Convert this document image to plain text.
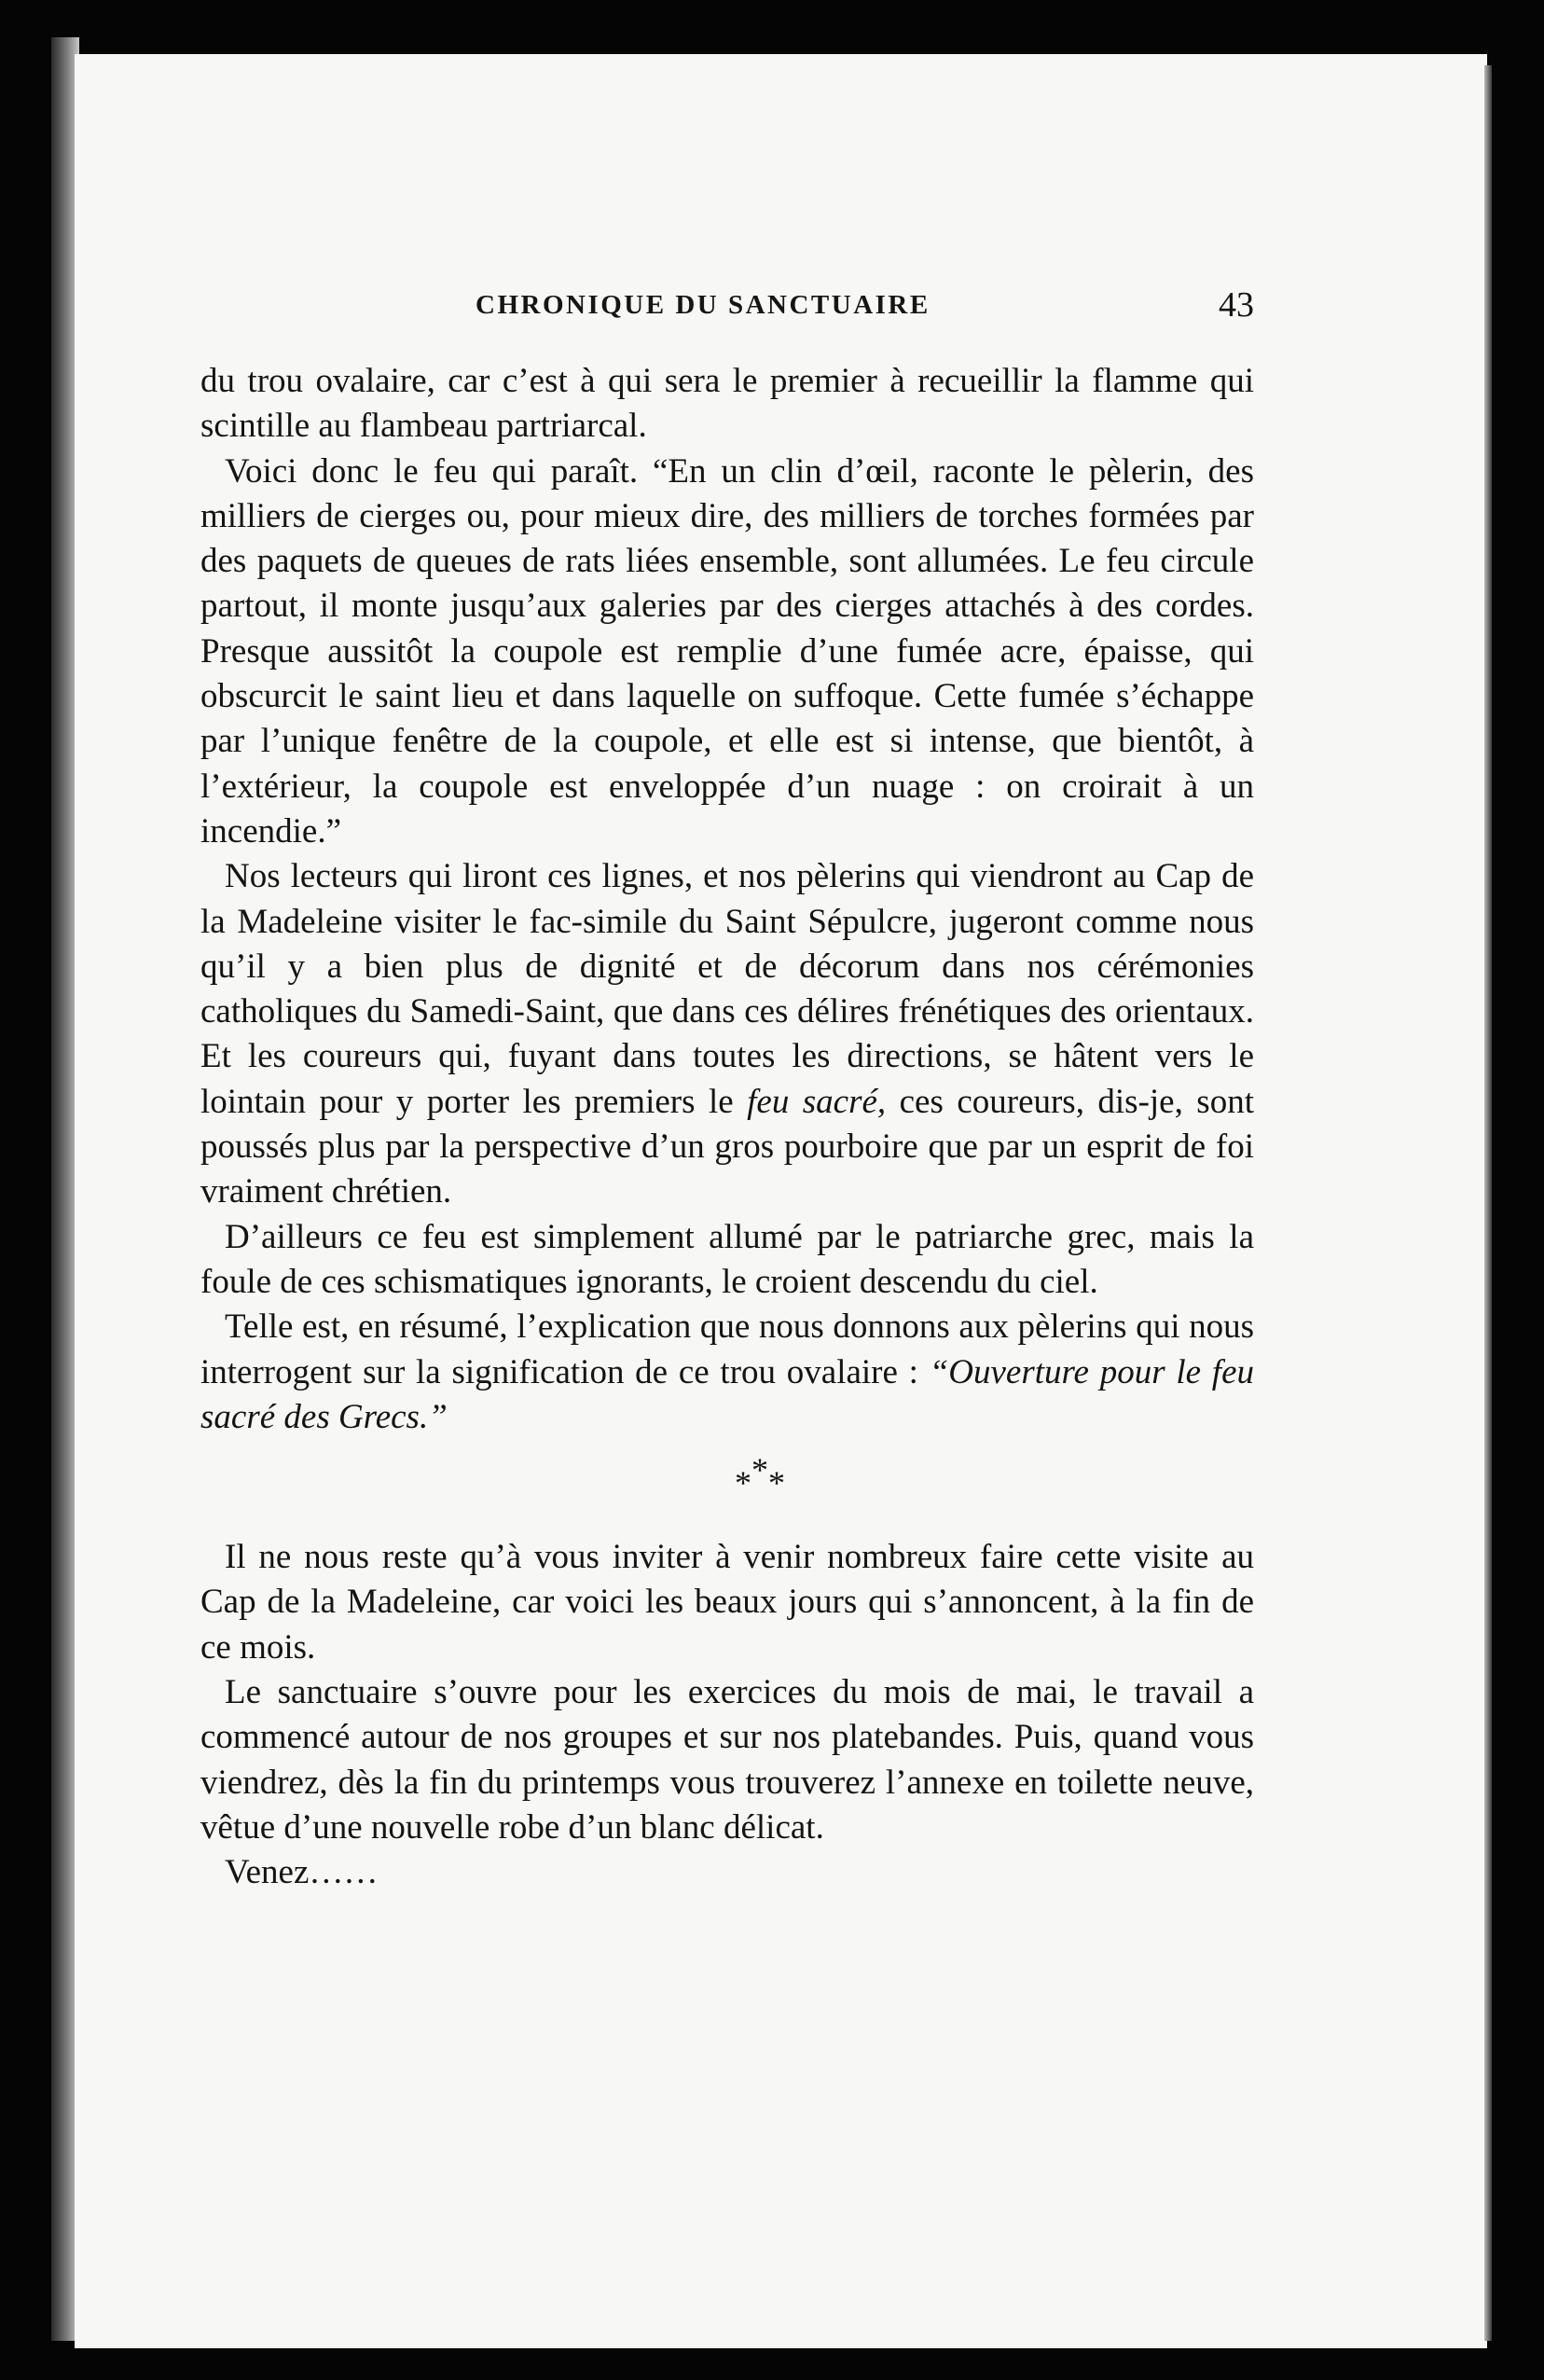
CHRONIQUE DU SANCTUAIRE	43

du trou ovalaire, car c’est à qui sera le premier à recueillir la flamme qui scintille au flambeau partriarcal.

Voici donc le feu qui paraît. “En un clin d’œil, raconte le pèlerin, des milliers de cierges ou, pour mieux dire, des milliers de torches formées par des paquets de queues de rats liées ensemble, sont allumées. Le feu circule partout, il monte jusqu’aux galeries par des cierges attachés à des cordes. Presque aussitôt la coupole est remplie d’une fumée acre, épaisse, qui obscurcit le saint lieu et dans laquelle on suffoque. Cette fumée s’échappe par l’unique fenêtre de la coupole, et elle est si intense, que bientôt, à l’extérieur, la coupole est enveloppée d’un nuage : on croirait à un incendie.”

Nos lecteurs qui liront ces lignes, et nos pèlerins qui viendront au Cap de la Madeleine visiter le fac-simile du Saint Sépulcre, jugeront comme nous qu’il y a bien plus de dignité et de décorum dans nos cérémonies catholiques du Samedi-Saint, que dans ces délires frénétiques des orientaux. Et les coureurs qui, fuyant dans toutes les directions, se hâtent vers le lointain pour y porter les premiers le feu sacré, ces coureurs, dis-je, sont poussés plus par la perspective d’un gros pourboire que par un esprit de foi vraiment chrétien.

D’ailleurs ce feu est simplement allumé par le patriarche grec, mais la foule de ces schismatiques ignorants, le croient descendu du ciel.

Telle est, en résumé, l’explication que nous donnons aux pèlerins qui nous interrogent sur la signification de ce trou ovalaire : “Ouverture pour le feu sacré des Grecs.”

***

Il ne nous reste qu’à vous inviter à venir nombreux faire cette visite au Cap de la Madeleine, car voici les beaux jours qui s’annoncent, à la fin de ce mois.

Le sanctuaire s’ouvre pour les exercices du mois de mai, le travail a commencé autour de nos groupes et sur nos platebandes. Puis, quand vous viendrez, dès la fin du printemps vous trouverez l’annexe en toilette neuve, vêtue d’une nouvelle robe d’un blanc délicat.

Venez……
